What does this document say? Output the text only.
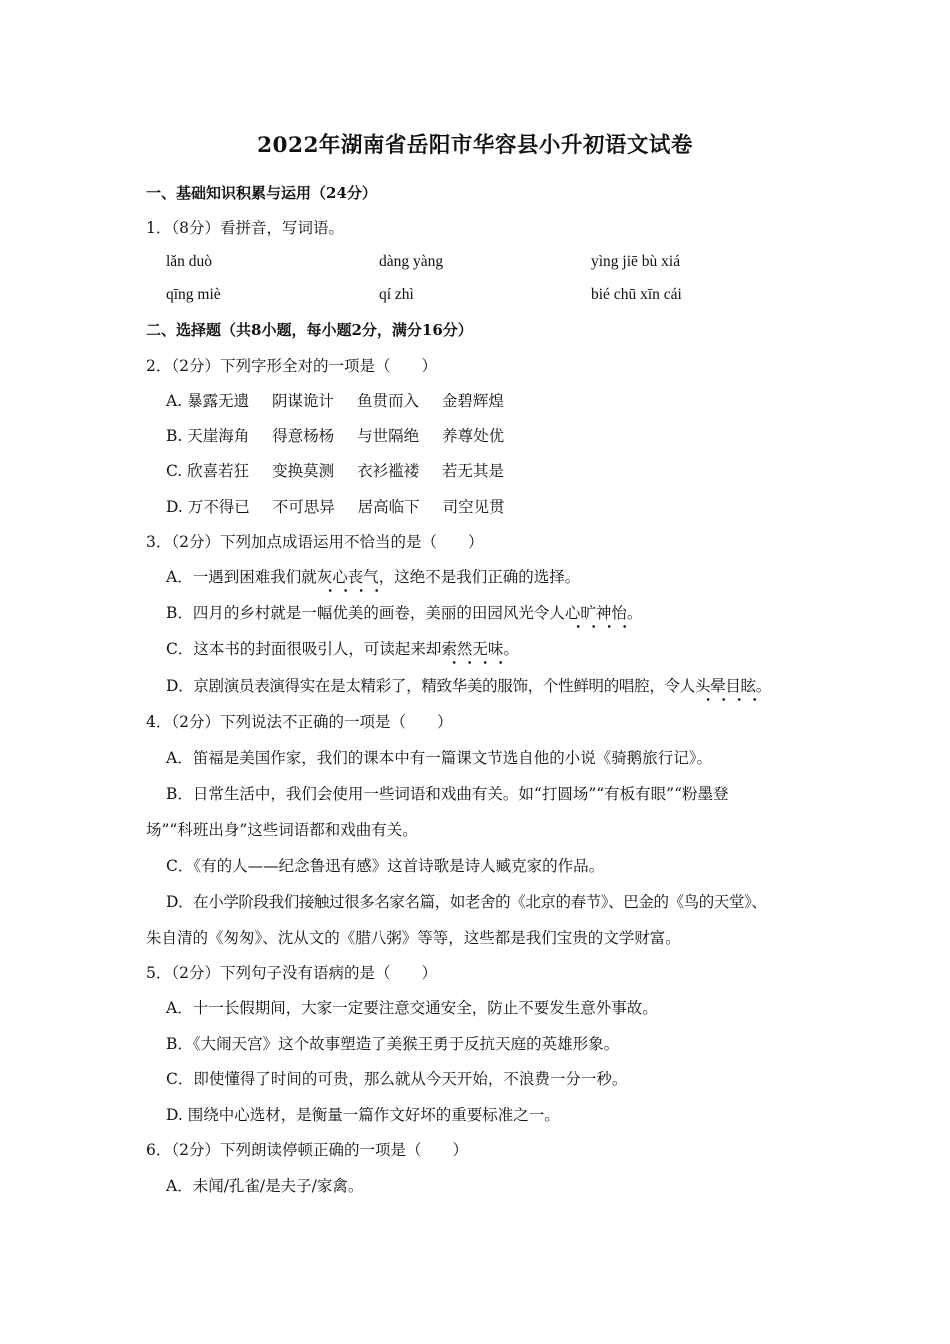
2022年湖南省岳阳市华容县小升初语文试卷
一、基础知识积累与运用（24分）
1．（8分）看拼音，写词语。
lǎn duò	dàng yàng	yìng jiē bù xiá
qīng miè	qí zhì	bié chū xīn cái
二、选择题（共8小题，每小题2分，满分16分）
2．（2分）下列字形全对的一项是（　　）
A. 暴露无遗 阴谋诡计 鱼贯而入 金碧辉煌
B. 天崖海角 得意杨杨 与世隔绝 养尊处优
C. 欣喜若狂 变换莫测 衣衫褴褛 若无其是
D. 万不得已 不可思异 居高临下 司空见贯
3．（2分）下列加点成语运用不恰当的是（　　）
A．一遇到困难我们就灰心丧气，这绝不是我们正确的选择。
B．四月的乡村就是一幅优美的画卷，美丽的田园风光令人心旷神怡。
C．这本书的封面很吸引人，可读起来却索然无味。
D．京剧演员表演得实在是太精彩了，精致华美的服饰，个性鲜明的唱腔，令人头晕目眩。
4．（2分）下列说法不正确的一项是（　　）
A．笛福是美国作家，我们的课本中有一篇课文节选自他的小说《骑鹅旅行记》。
B．日常生活中，我们会使用一些词语和戏曲有关。如“打圆场”“有板有眼”“粉墨登
场”“科班出身”这些词语都和戏曲有关。
C．《有的人——纪念鲁迅有感》这首诗歌是诗人臧克家的作品。
D．在小学阶段我们接触过很多名家名篇，如老舍的《北京的春节》、巴金的《鸟的天堂》、
朱自清的《匆匆》、沈从文的《腊八粥》等等，这些都是我们宝贵的文学财富。
5．（2分）下列句子没有语病的是（　　）
A．十一长假期间，大家一定要注意交通安全，防止不要发生意外事故。
B．《大闹天宫》这个故事塑造了美猴王勇于反抗天庭的英雄形象。
C．即使懂得了时间的可贵，那么就从今天开始，不浪费一分一秒。
D. 围绕中心选材，是衡量一篇作文好坏的重要标准之一。
6．（2分）下列朗读停顿正确的一项是（　　）
A．未闻/孔雀/是夫子/家禽。
